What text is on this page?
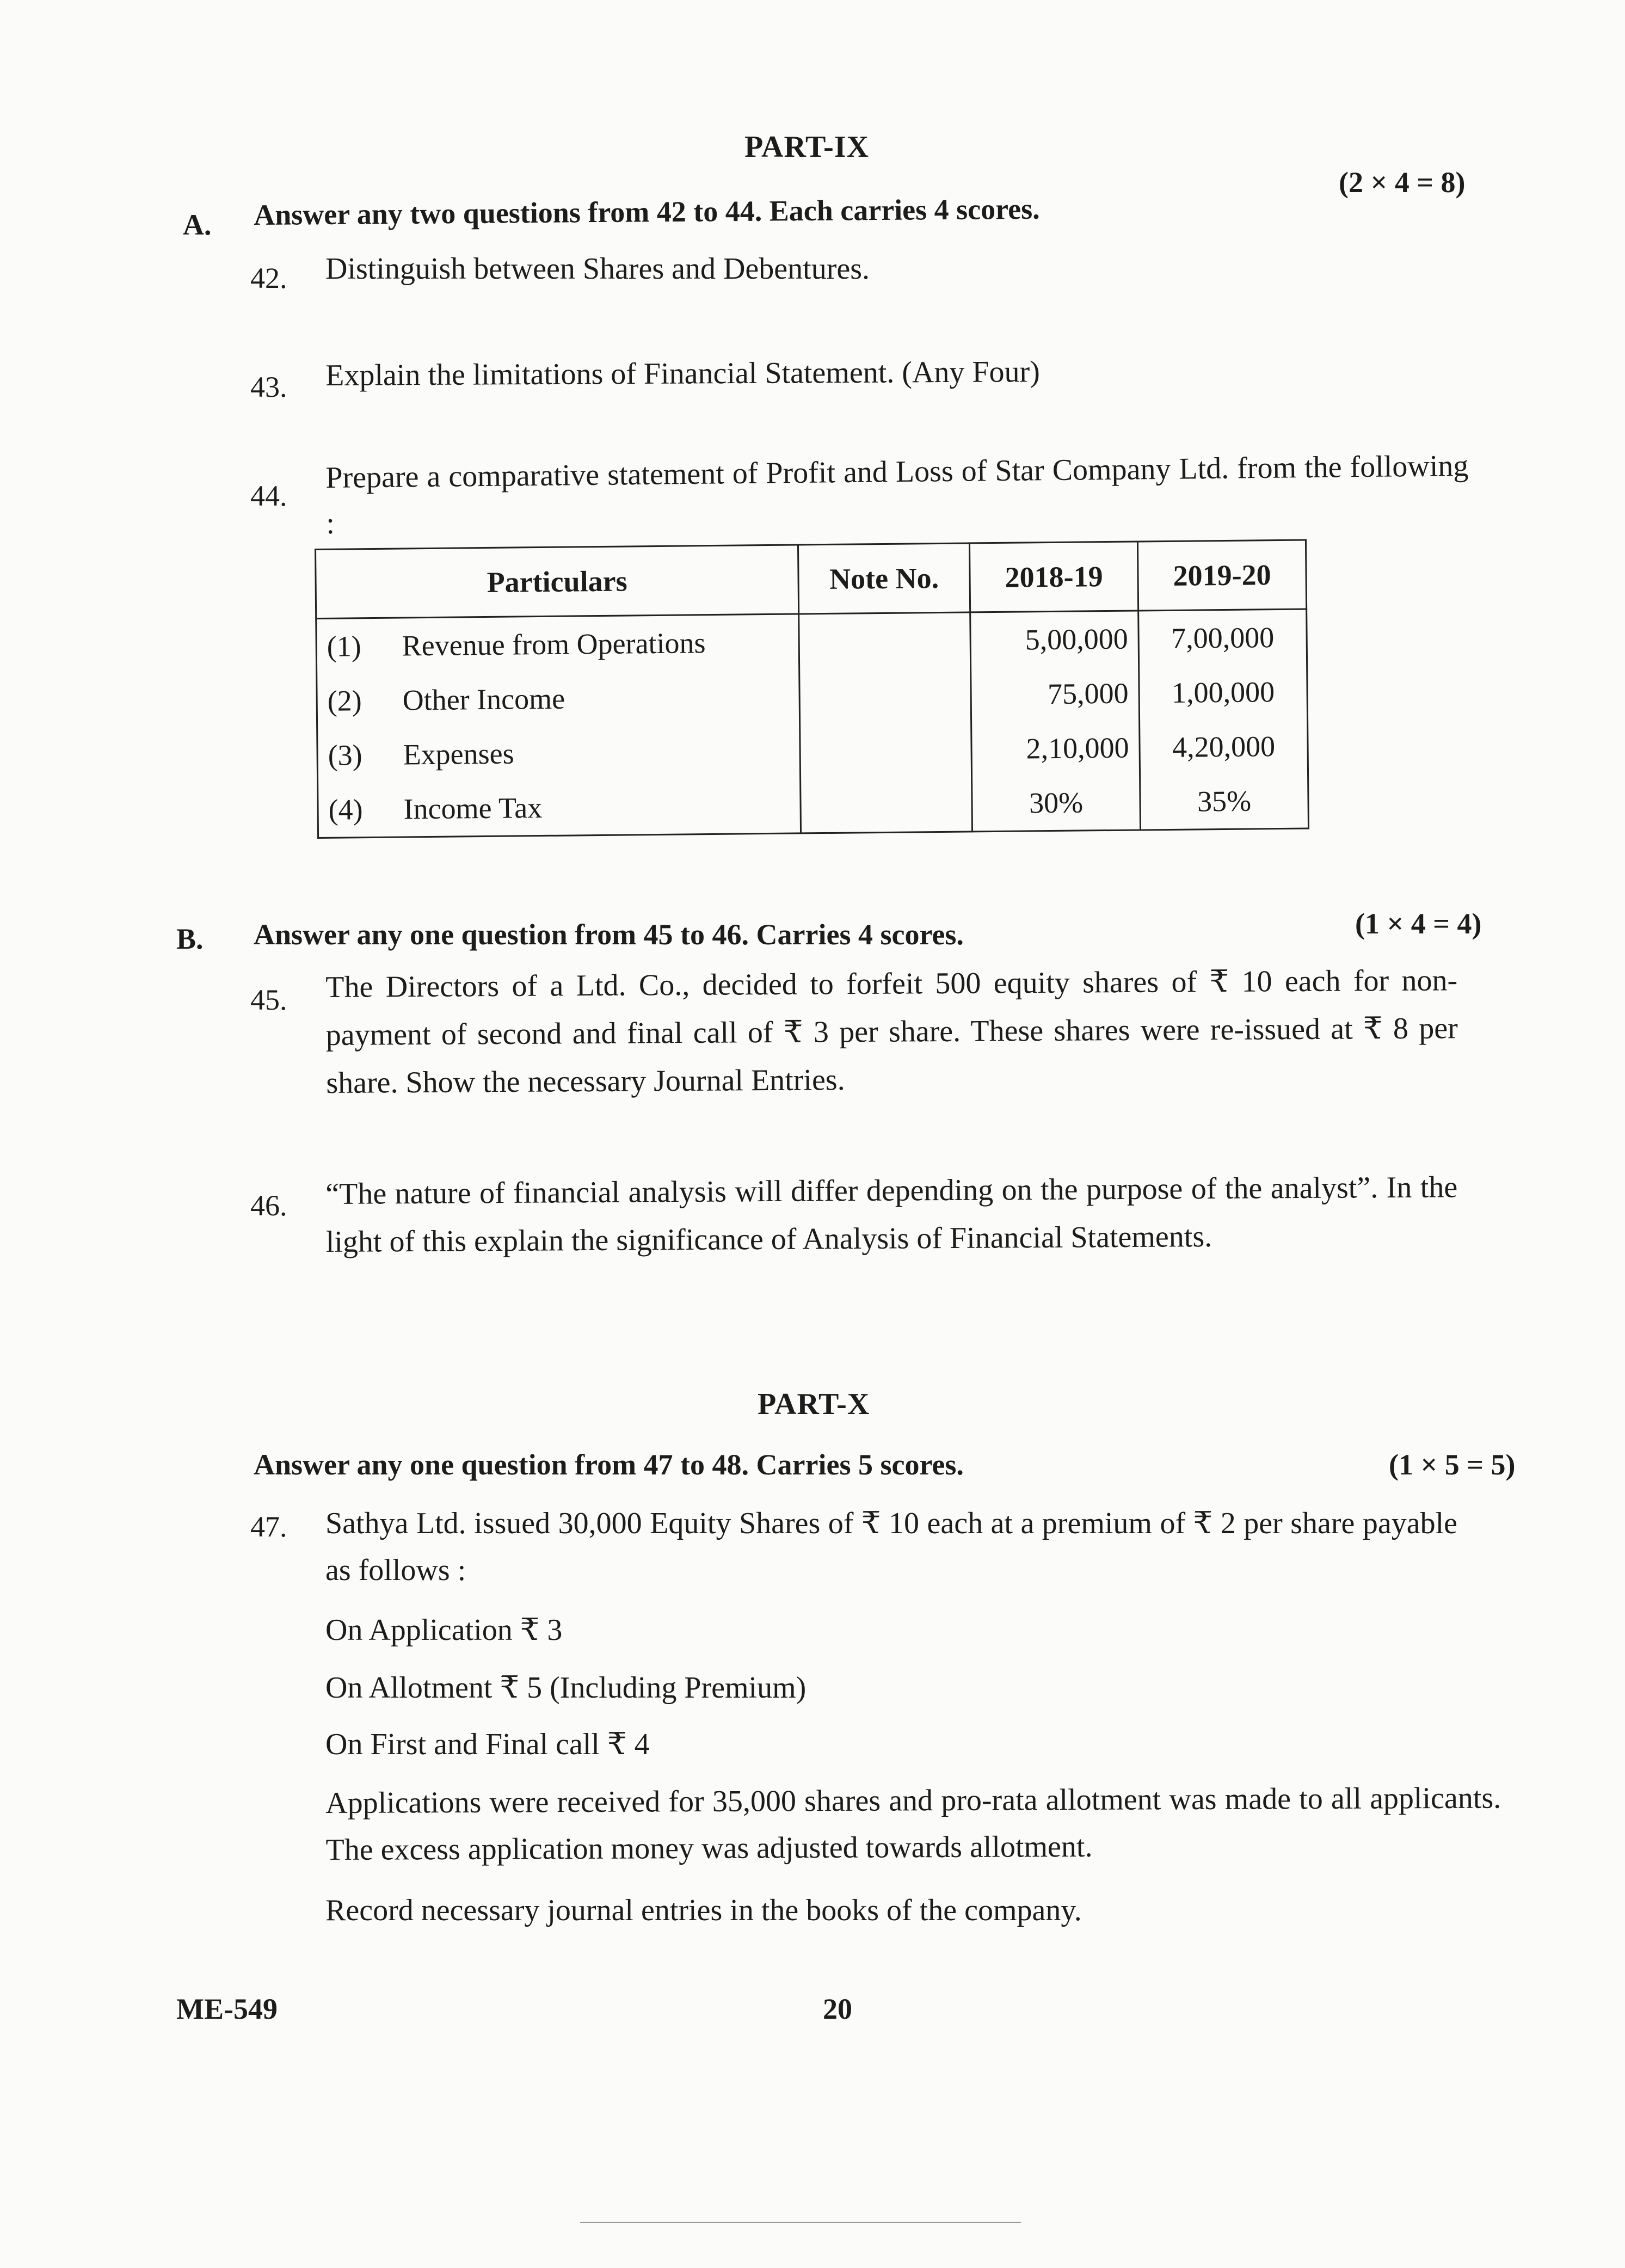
PART-IX
A. Answer any two questions from 42 to 44. Each carries 4 scores.
(2 × 4 = 8)
42. Distinguish between Shares and Debentures.
43. Explain the limitations of Financial Statement. (Any Four)
44.
Prepare a comparative statement of Profit and Loss of Star Company Ltd. from the following :
Particulars	Note No.	2018-19	2019-20
(1) Revenue from Operations		5,00,000	7,00,000
(2) Other Income		75,000	1,00,000
(3) Expenses		2,10,000	4,20,000
(4) Income Tax		30%	35%
B. Answer any one question from 45 to 46. Carries 4 scores.	(1 × 4 = 4)
45. The Directors of a Ltd. Co., decided to forfeit 500 equity shares of ₹ 10 each for non-payment of second and final call of ₹ 3 per share. These shares were re-issued at ₹ 8 per share. Show the necessary Journal Entries.
46. “The nature of financial analysis will differ depending on the purpose of the analyst”. In the light of this explain the significance of Analysis of Financial Statements.
PART-X
Answer any one question from 47 to 48. Carries 5 scores.	(1 × 5 = 5)
47. Sathya Ltd. issued 30,000 Equity Shares of ₹ 10 each at a premium of ₹ 2 per share payable as follows :
On Application ₹ 3
On Allotment ₹ 5 (Including Premium)
On First and Final call ₹ 4
Applications were received for 35,000 shares and pro-rata allotment was made to all applicants. The excess application money was adjusted towards allotment.
Record necessary journal entries in the books of the company.
ME-549	20
